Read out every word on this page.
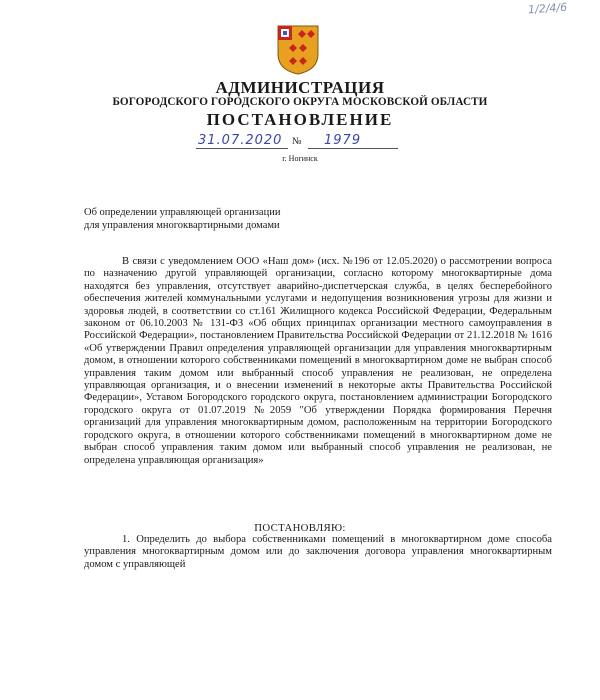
1/2/4/6
АДМИНИСТРАЦИЯ
БОГОРОДСКОГО ГОРОДСКОГО ОКРУГА МОСКОВСКОЙ ОБЛАСТИ
ПОСТАНОВЛЕНИЕ
31.07.2020 № 1979
г. Ногинск
Об определении управляющей организации
для управления многоквартирными домами

В связи с уведомлением ООО «Наш дом» (исх. №196 от 12.05.2020) о рассмотрении вопроса по назначению другой управляющей организации, согласно которому многоквартирные дома находятся без управления, отсутствует аварийно-диспетчерская служба, в целях бесперебойного обеспечения жителей коммунальными услугами и недопущения возникновения угрозы для жизни и здоровья людей, в соответствии со ст.161 Жилищного кодекса Российской Федерации, Федеральным законом от 06.10.2003 № 131-ФЗ «Об общих принципах организации местного самоуправления в Российской Федерации», постановлением Правительства Российской Федерации от 21.12.2018 № 1616 «Об утверждении Правил определения управляющей организации для управления многоквартирным домом, в отношении которого собственниками помещений в многоквартирном доме не выбран способ управления таким домом или выбранный способ управления не реализован, не определена управляющая организация, и о внесении изменений в некоторые акты Правительства Российской Федерации», Уставом Богородского городского округа, постановлением администрации Богородского городского округа от 01.07.2019 №2059 "Об утверждении Порядка формирования Перечня организаций для управления многоквартирным домом, расположенным на территории Богородского городского округа, в отношении которого собственниками помещений в многоквартирном доме не выбран способ управления таким домом или выбранный способ управления не реализован, не определена управляющая организация»

ПОСТАНОВЛЯЮ:

1. Определить до выбора собственниками помещений в многоквартирном доме способа управления многоквартирным домом или до заключения договора управления многоквартирным домом с управляющей
